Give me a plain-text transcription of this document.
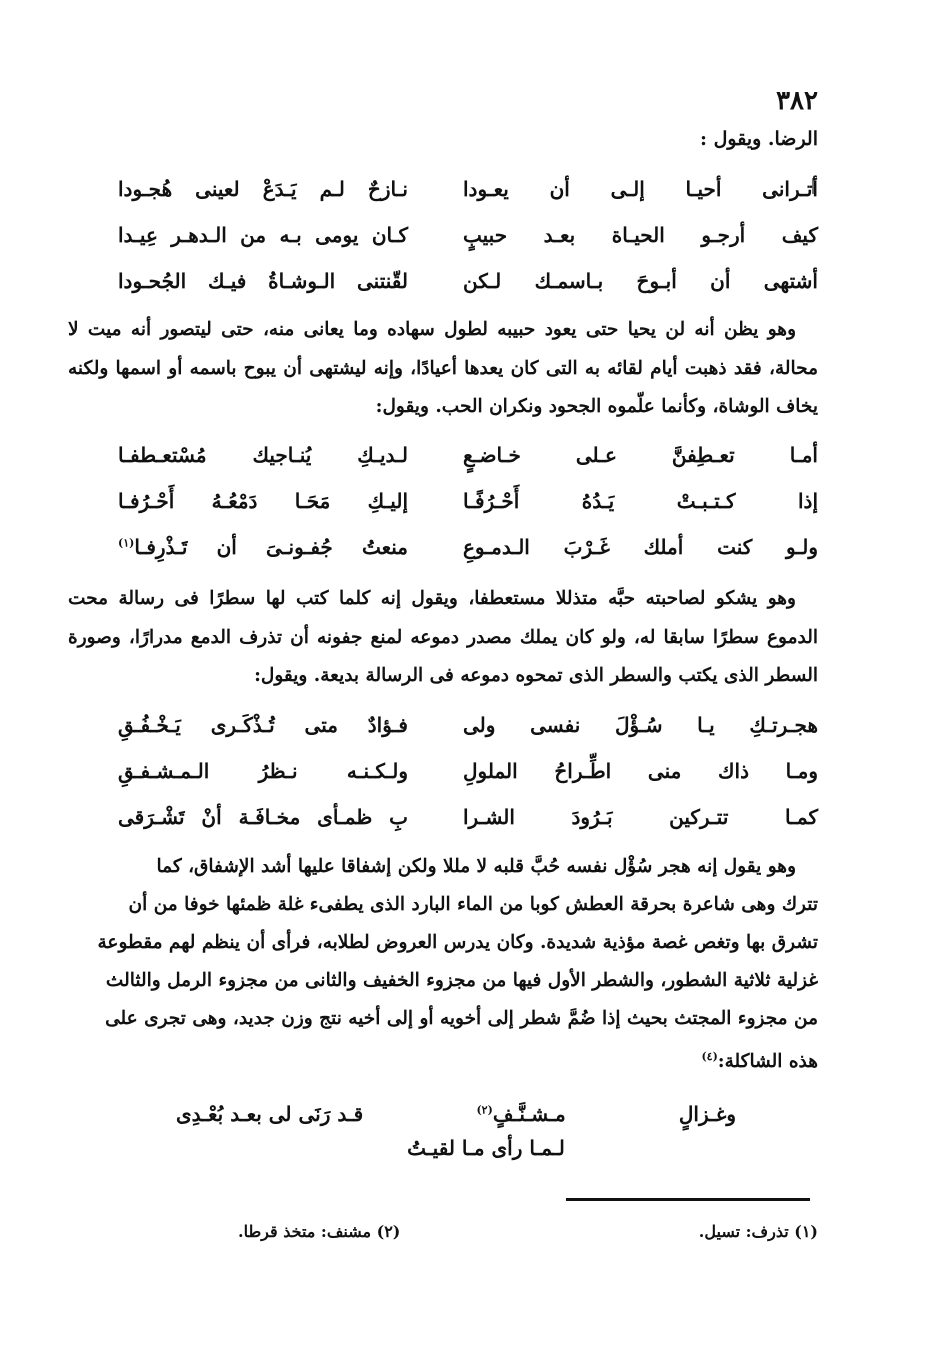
٣٨٢
الرضا. ويقول :
أتـرانى أحيـا إلـى أن يعـودا
نـازحٌ لـم يَـدَعْ لعينى هُجـودا
كيف أرجـو الحيـاة بعـد حبيبٍ
كـان يومى بـه من الـدهـر عِيـدا
أشتهى أن أبـوحَ بـاسمـك لـكن
لقّنتنى الـوشـاةُ فيـك الجُحـودا
وهو يظن أنه لن يحيا حتى يعود حبيبه لطول سهاده وما يعانى منه، حتى ليتصور أنه ميت لا محالة، فقد ذهبت أيام لقائه به التى كان يعدها أعيادًا، وإنه ليشتهى أن يبوح باسمه أو اسمها ولكنه يخاف الوشاة، وكأنما علّموه الجحود ونكران الحب. ويقول:
أمـا تعـطِفنَّ عـلى خـاضـعٍ
لـديـكِ يُنـاجيك مُسْتعـطفـا
إذا كـتـبـتْ يَـدُهُ أَحْـرُفًـا
إليـكِ مَحَـا دَمْعُـهُ أَحْـرُفـا
ولـو كنت أملك غَـرْبَ الـدمـوعِ
منعتُ جُفـونـىَ أن تَـذْرِفـا$^{(١)}$
وهو يشكو لصاحبته حبَّه متذللا مستعطفا، ويقول إنه كلما كتب لها سطرًا فى رسالة محت الدموع سطرًا سابقا له، ولو كان يملك مصدر دموعه لمنع جفونه أن تذرف الدمع مدرارًا، وصورة السطر الذى يكتب والسطر الذى تمحوه دموعه فى الرسالة بديعة. ويقول:
هجـرتـكِ يـا سُـؤْلَ نفسى ولى
فـؤادٌ متى تُـذْكَـرى يَـخْـفُـقِ
ومـا ذاك منى اطِّـراحُ الملولِ
ولـكـنـه نـظرُ الـمـشـفـقِ
كمـا تتـركين بَـرُودَ الشـرا
بِ ظمـأى مخـافَـة أنْ تَشْـرَقى
وهو يقول إنه هجر سُؤْل نفسه حُبَّ قلبه لا مللا ولكن إشفاقا عليها أشد الإشفاق، كما
تترك وهى شاعرة بحرقة العطش كوبا من الماء البارد الذى يطفىء غلة ظمئها خوفا من أن
تشرق بها وتغص غصة مؤذية شديدة. وكان يدرس العروض لطلابه، فرأى أن ينظم لهم مقطوعة
غزلية ثلاثية الشطور، والشطر الأول فيها من مجزوء الخفيف والثانى من مجزوء الرمل والثالث
من مجزوء المجتث بحيث إذا ضُمَّ شطر إلى أخويه أو إلى أخيه نتج وزن جديد، وهى تجرى على
هذه الشاكلة:$^{(٤)}$
وغـزالٍ
مـشـنَّـفٍ$^{(٢)}$
قـد رَنَى لى بعـد بُعْـدِى
لـمـا رأى مـا لقيـتُ
(١) تذرف: تسيل.
(٢) مشنف: متخذ قرطا.
